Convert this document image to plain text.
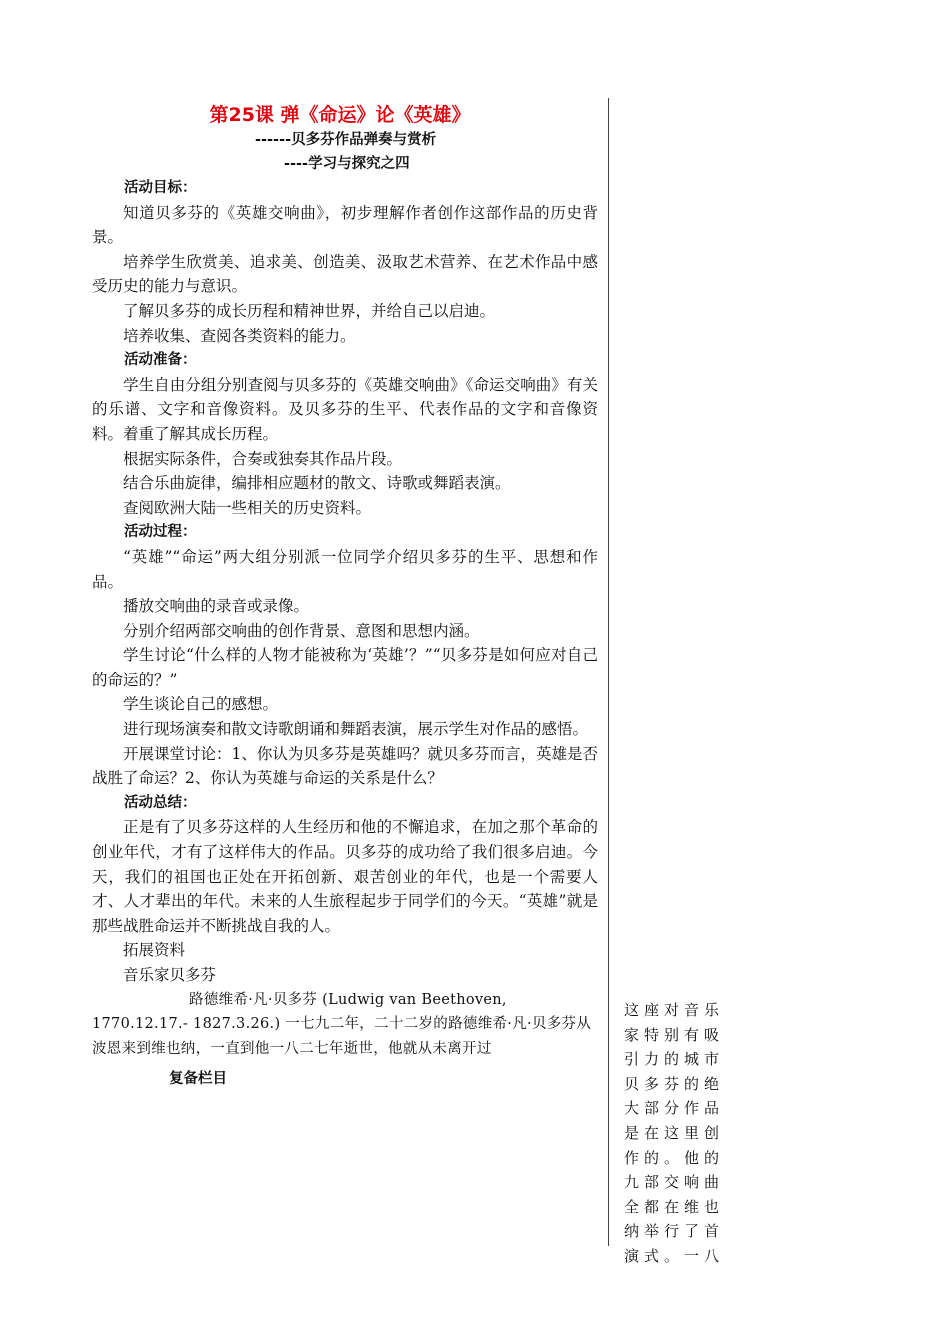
第25课 弹《命运》论《英雄》
------贝多芬作品弹奏与赏析
----学习与探究之四
活动目标：
知道贝多芬的《英雄交响曲》，初步理解作者创作这部作品的历史背景。
培养学生欣赏美、追求美、创造美、汲取艺术营养、在艺术作品中感受历史的能力与意识。
了解贝多芬的成长历程和精神世界，并给自己以启迪。
培养收集、查阅各类资料的能力。
活动准备：
学生自由分组分别查阅与贝多芬的《英雄交响曲》《命运交响曲》有关的乐谱、文字和音像资料。及贝多芬的生平、代表作品的文字和音像资料。着重了解其成长历程。
根据实际条件，合奏或独奏其作品片段。
结合乐曲旋律，编排相应题材的散文、诗歌或舞蹈表演。
查阅欧洲大陆一些相关的历史资料。
活动过程：
“英雄”“命运”两大组分别派一位同学介绍贝多芬的生平、思想和作品。
播放交响曲的录音或录像。
分别介绍两部交响曲的创作背景、意图和思想内涵。
学生讨论“什么样的人物才能被称为‘英雄’？”“贝多芬是如何应对自己的命运的？”
学生谈论自己的感想。
进行现场演奏和散文诗歌朗诵和舞蹈表演，展示学生对作品的感悟。
开展课堂讨论：1、你认为贝多芬是英雄吗？就贝多芬而言，英雄是否战胜了命运？2、你认为英雄与命运的关系是什么？
活动总结：
正是有了贝多芬这样的人生经历和他的不懈追求，在加之那个革命的创业年代，才有了这样伟大的作品。贝多芬的成功给了我们很多启迪。今天，我们的祖国也正处在开拓创新、艰苦创业的年代，也是一个需要人才、人才辈出的年代。未来的人生旅程起步于同学们的今天。“英雄”就是那些战胜命运并不断挑战自我的人。
拓展资料
音乐家贝多芬
路德维希·凡·贝多芬 (Ludwig van Beethoven, 1770.12.17.- 1827.3.26.) 一七九二年，二十二岁的路德维希·凡·贝多芬从波恩来到维也纳，一直到他一八二七年逝世，他就从未离开过
复备栏目
这座对音乐
家特别有吸
引力的城市
贝多芬的绝
大部分作品
是在这里创
作的。他的
九部交响曲
全都在维也
纳举行了首
演式。一八
